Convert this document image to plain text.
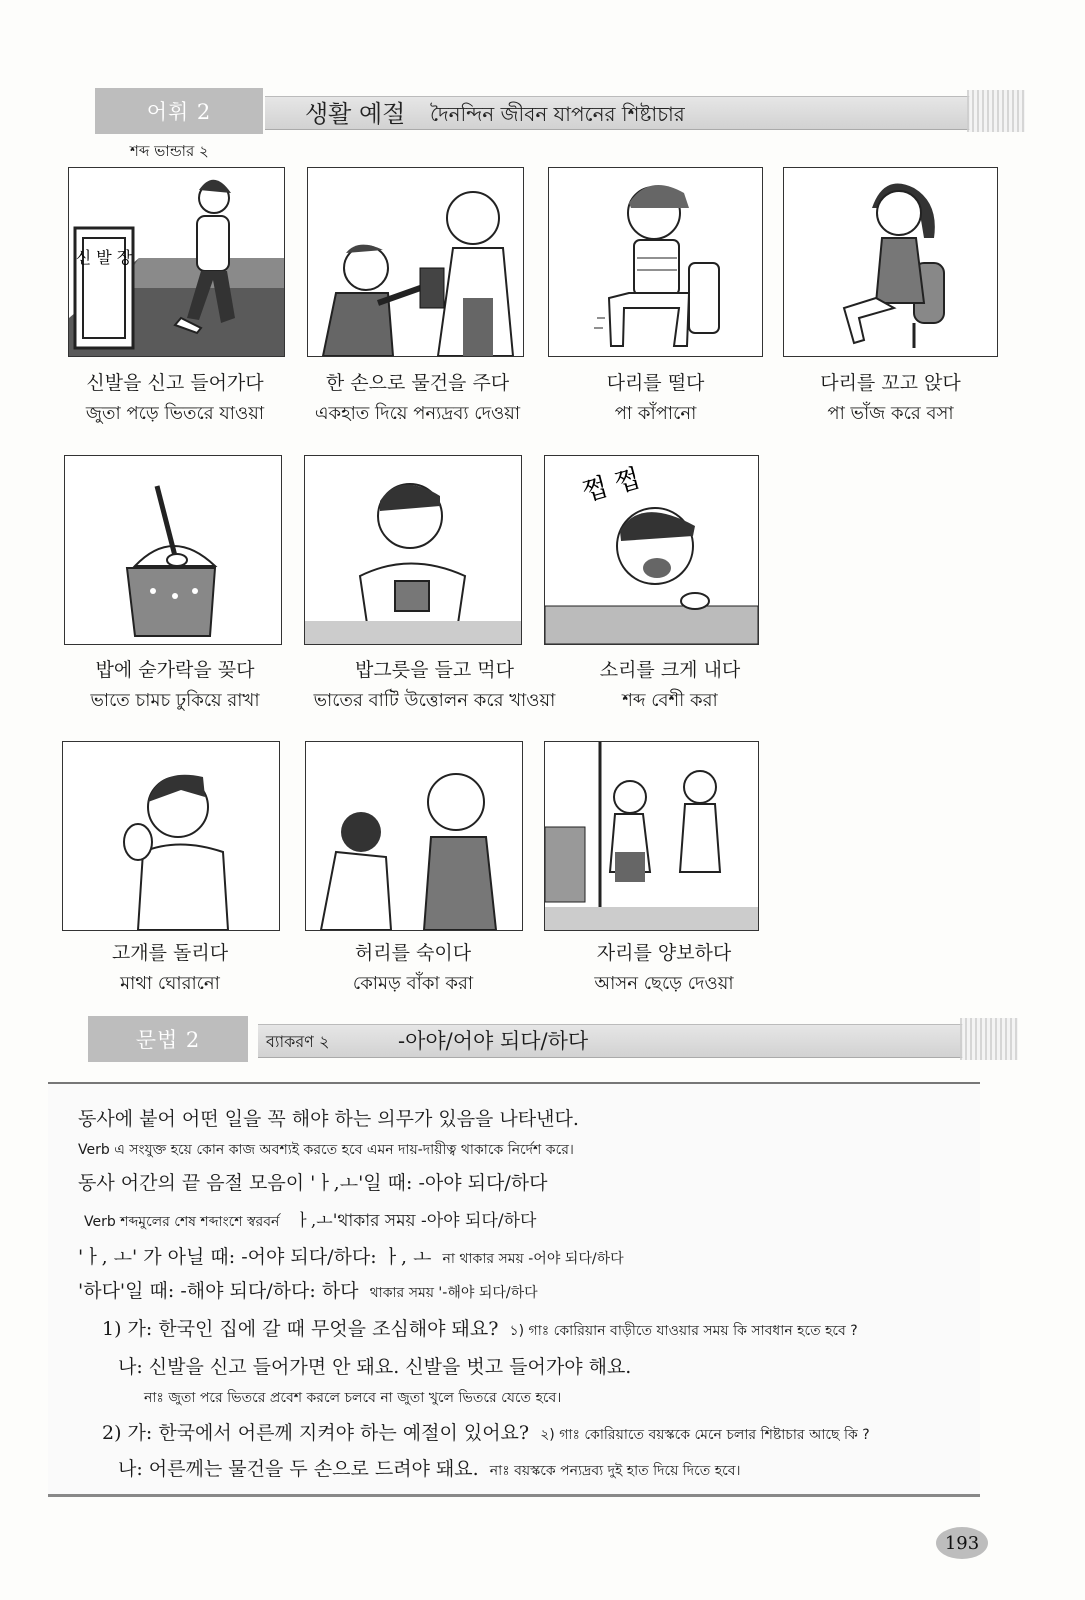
어휘 2	생활 예절 দৈনন্দিন জীবন যাপনের শিষ্টাচার
শব্দ ভান্ডার ২
신 발 장
신발을 신고 들어가다
জুতা পড়ে ভিতরে যাওয়া
한 손으로 물건을 주다
একহাত দিয়ে পন্যদ্রব্য দেওয়া
다리를 떨다
পা কাঁপানো
다리를 꼬고 앉다
পা ভাঁজ করে বসা
쩝 쩝
밥에 숟가락을 꽂다
ভাতে চামচ ঢুকিয়ে রাখা
밥그릇을 들고 먹다
ভাতের বাটি উত্তোলন করে খাওয়া
소리를 크게 내다
শব্দ বেশী করা
고개를 돌리다
মাথা ঘোরানো
허리를 숙이다
কোমড় বাঁকা করা
자리를 양보하다
আসন ছেড়ে দেওয়া
문법 2	ব্যাকরণ ২	-아야/어야 되다/하다
동사에 붙어 어떤 일을 꼭 해야 하는 의무가 있음을 나타낸다.
Verb এ সংযুক্ত হয়ে কোন কাজ অবশ্যই করতে হবে এমন দায়-দায়ীত্ব থাকাকে নির্দেশ করে।
동사 어간의 끝 음절 모음이 'ㅏ,ㅗ'일 때: -아야 되다/하다
Verb শব্দমুলের শেষ শব্দাংশে স্বরবর্ন ㅏ,ㅗ'থাকার সময় -아야 되다/하다
'ㅏ, ㅗ' 가 아닐 때: -어야 되다/하다: ㅏ, ㅗ না থাকার সময় -어야 되다/하다
'하다'일 때: -해야 되다/하다: 하다 থাকার সময় '-해야 되다/하다
1) 가: 한국인 집에 갈 때 무엇을 조심해야 돼요? ১) গাঃ কোরিয়ান বাড়ীতে যাওয়ার সময় কি সাবধান হতে হবে ?
나: 신발을 신고 들어가면 안 돼요. 신발을 벗고 들어가야 해요.
নাঃ জুতা পরে ভিতরে প্রবেশ করলে চলবে না জুতা খুলে ভিতরে যেতে হবে।
2) 가: 한국에서 어른께 지켜야 하는 예절이 있어요? ২) গাঃ কোরিয়াতে বয়স্ককে মেনে চলার শিষ্টাচার আছে কি ?
나: 어른께는 물건을 두 손으로 드려야 돼요. নাঃ বয়স্ককে পন্যদ্রব্য দুই হাত দিয়ে দিতে হবে।
193
